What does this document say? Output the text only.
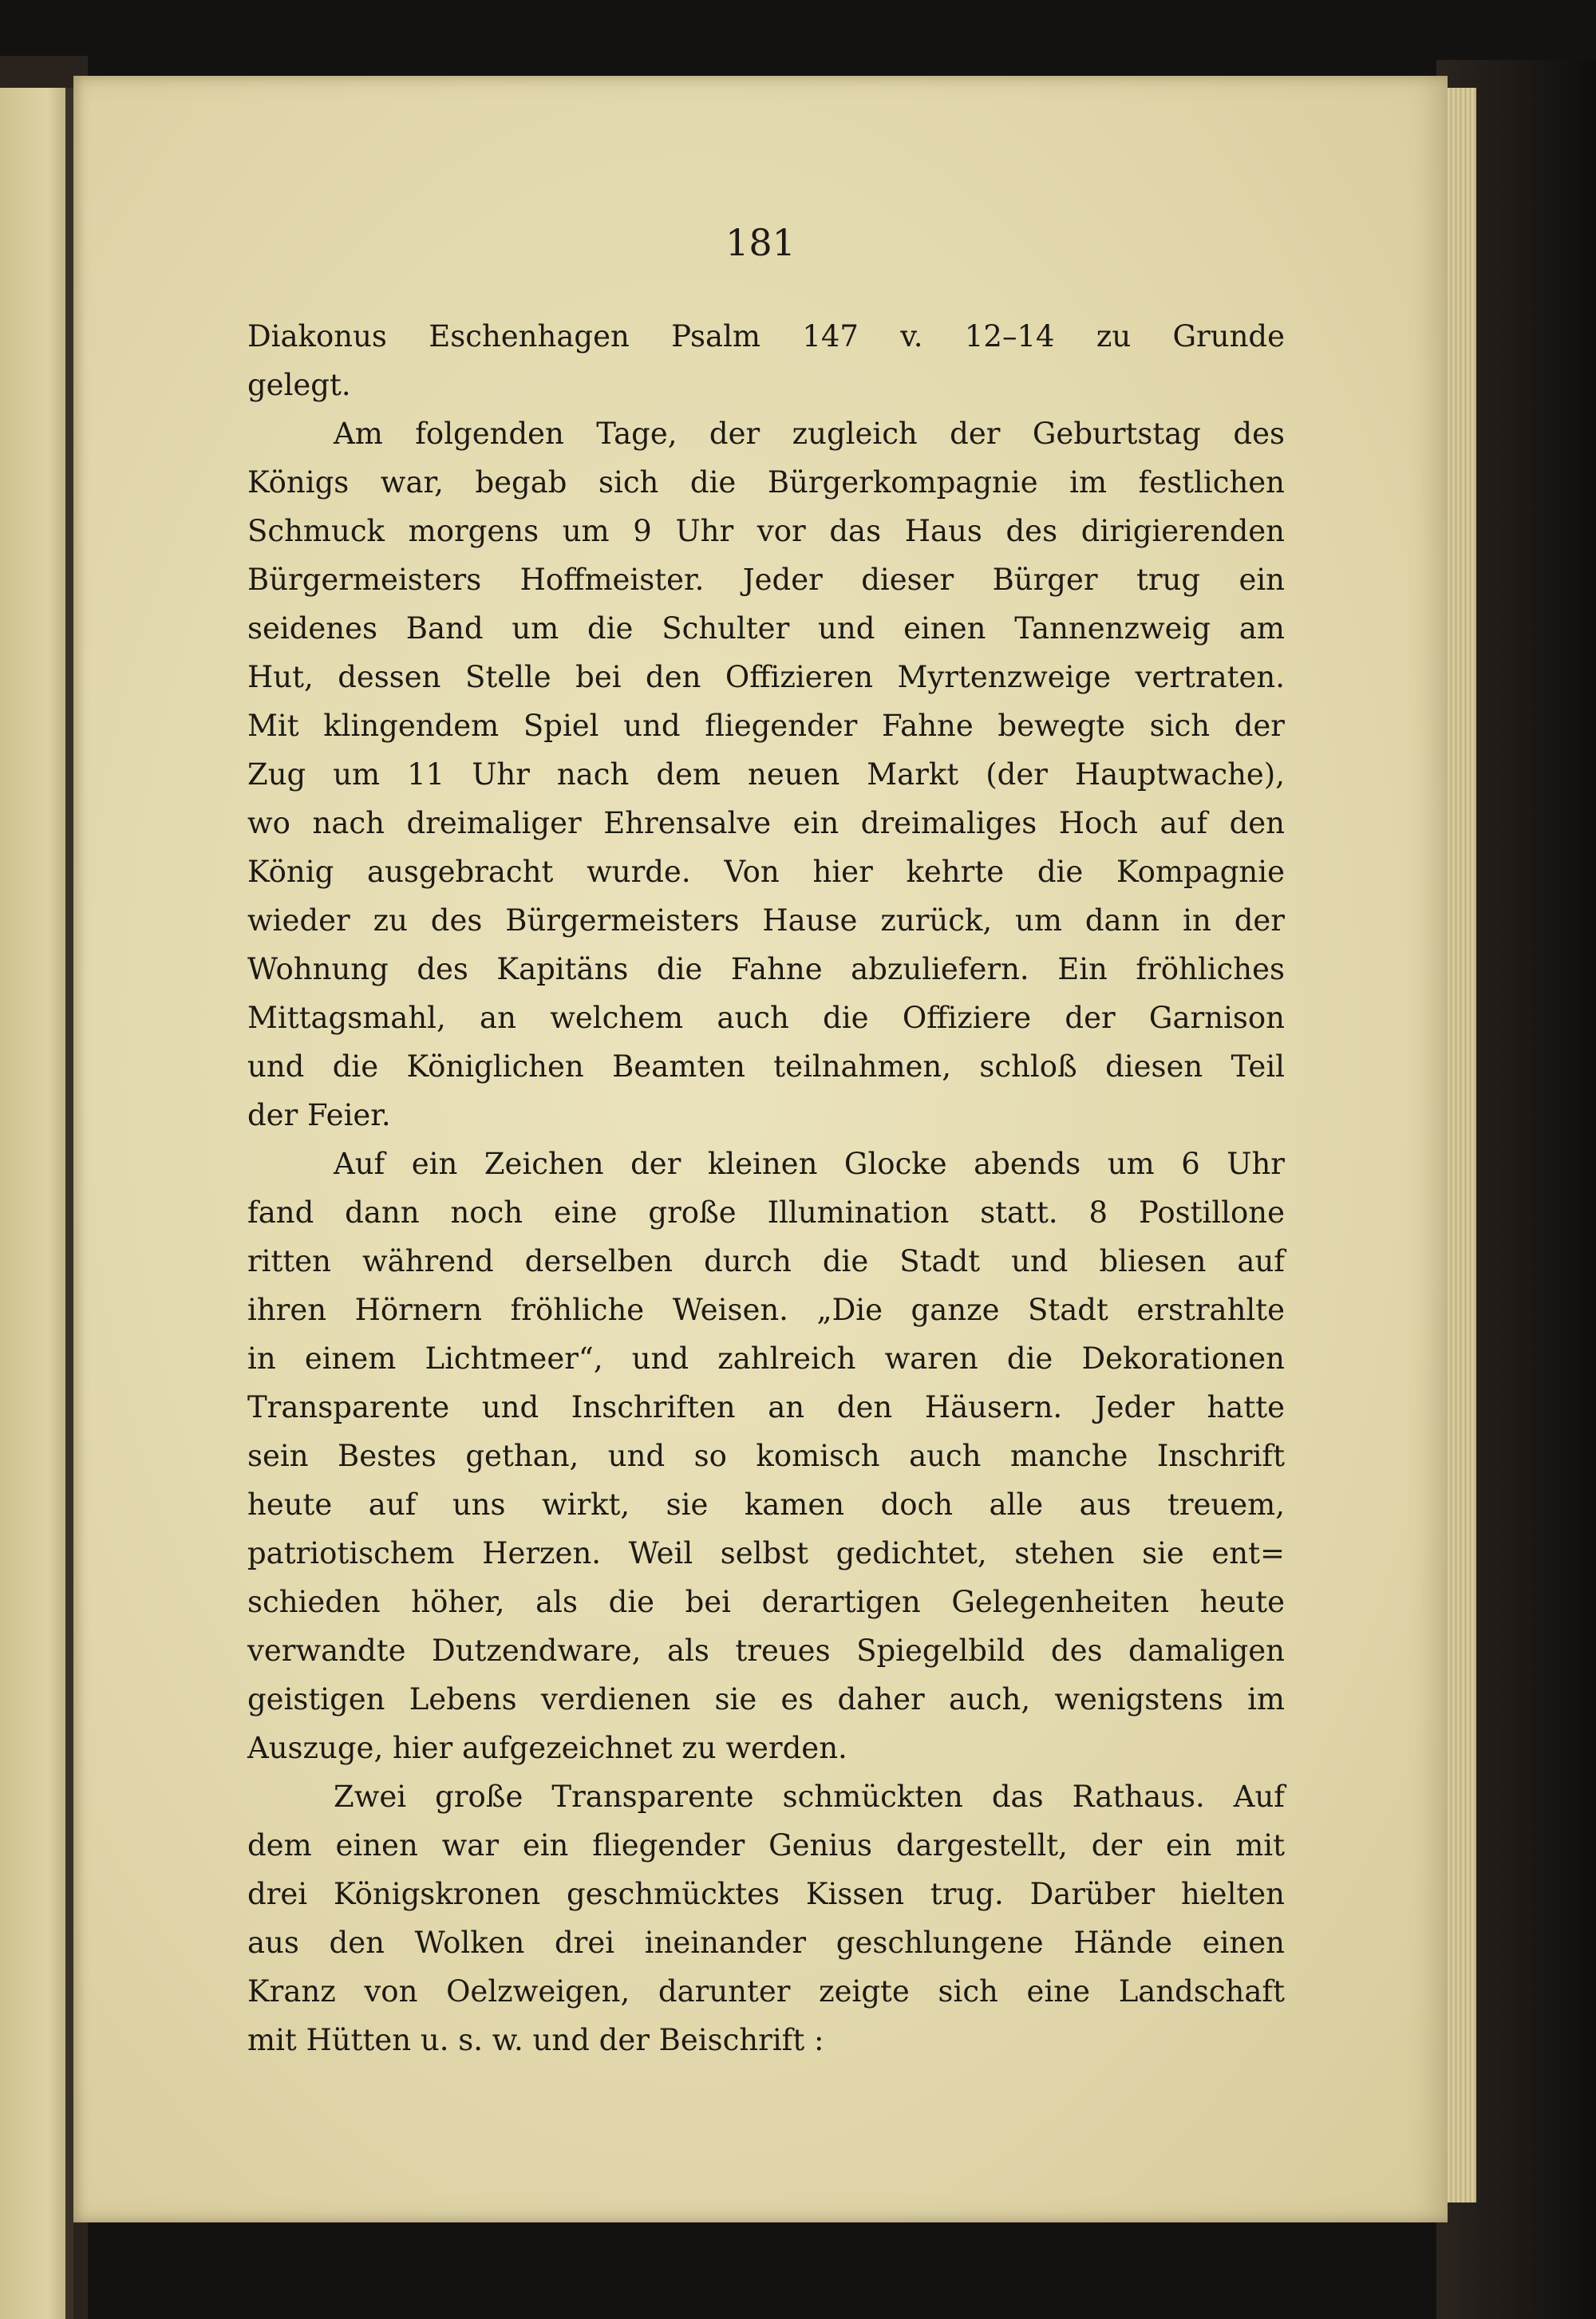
181
Diakonus Eschenhagen Psalm 147 v. 12–14 zu Grunde
gelegt.
Am folgenden Tage, der zugleich der Geburtstag des
Königs war, begab sich die Bürgerkompagnie im festlichen
Schmuck morgens um 9 Uhr vor das Haus des dirigierenden
Bürgermeisters Hoffmeister. Jeder dieser Bürger trug ein
seidenes Band um die Schulter und einen Tannenzweig am
Hut, dessen Stelle bei den Offizieren Myrtenzweige vertraten.
Mit klingendem Spiel und fliegender Fahne bewegte sich der
Zug um 11 Uhr nach dem neuen Markt (der Hauptwache),
wo nach dreimaliger Ehrensalve ein dreimaliges Hoch auf den
König ausgebracht wurde. Von hier kehrte die Kompagnie
wieder zu des Bürgermeisters Hause zurück, um dann in der
Wohnung des Kapitäns die Fahne abzuliefern. Ein fröhliches
Mittagsmahl, an welchem auch die Offiziere der Garnison
und die Königlichen Beamten teilnahmen, schloß diesen Teil
der Feier.
Auf ein Zeichen der kleinen Glocke abends um 6 Uhr
fand dann noch eine große Illumination statt. 8 Postillone
ritten während derselben durch die Stadt und bliesen auf
ihren Hörnern fröhliche Weisen. „Die ganze Stadt erstrahlte
in einem Lichtmeer“, und zahlreich waren die Dekorationen
Transparente und Inschriften an den Häusern. Jeder hatte
sein Bestes gethan, und so komisch auch manche Inschrift
heute auf uns wirkt, sie kamen doch alle aus treuem,
patriotischem Herzen. Weil selbst gedichtet, stehen sie ent=
schieden höher, als die bei derartigen Gelegenheiten heute
verwandte Dutzendware, als treues Spiegelbild des damaligen
geistigen Lebens verdienen sie es daher auch, wenigstens im
Auszuge, hier aufgezeichnet zu werden.
Zwei große Transparente schmückten das Rathaus. Auf
dem einen war ein fliegender Genius dargestellt, der ein mit
drei Königskronen geschmücktes Kissen trug. Darüber hielten
aus den Wolken drei ineinander geschlungene Hände einen
Kranz von Oelzweigen, darunter zeigte sich eine Landschaft
mit Hütten u. s. w. und der Beischrift :
